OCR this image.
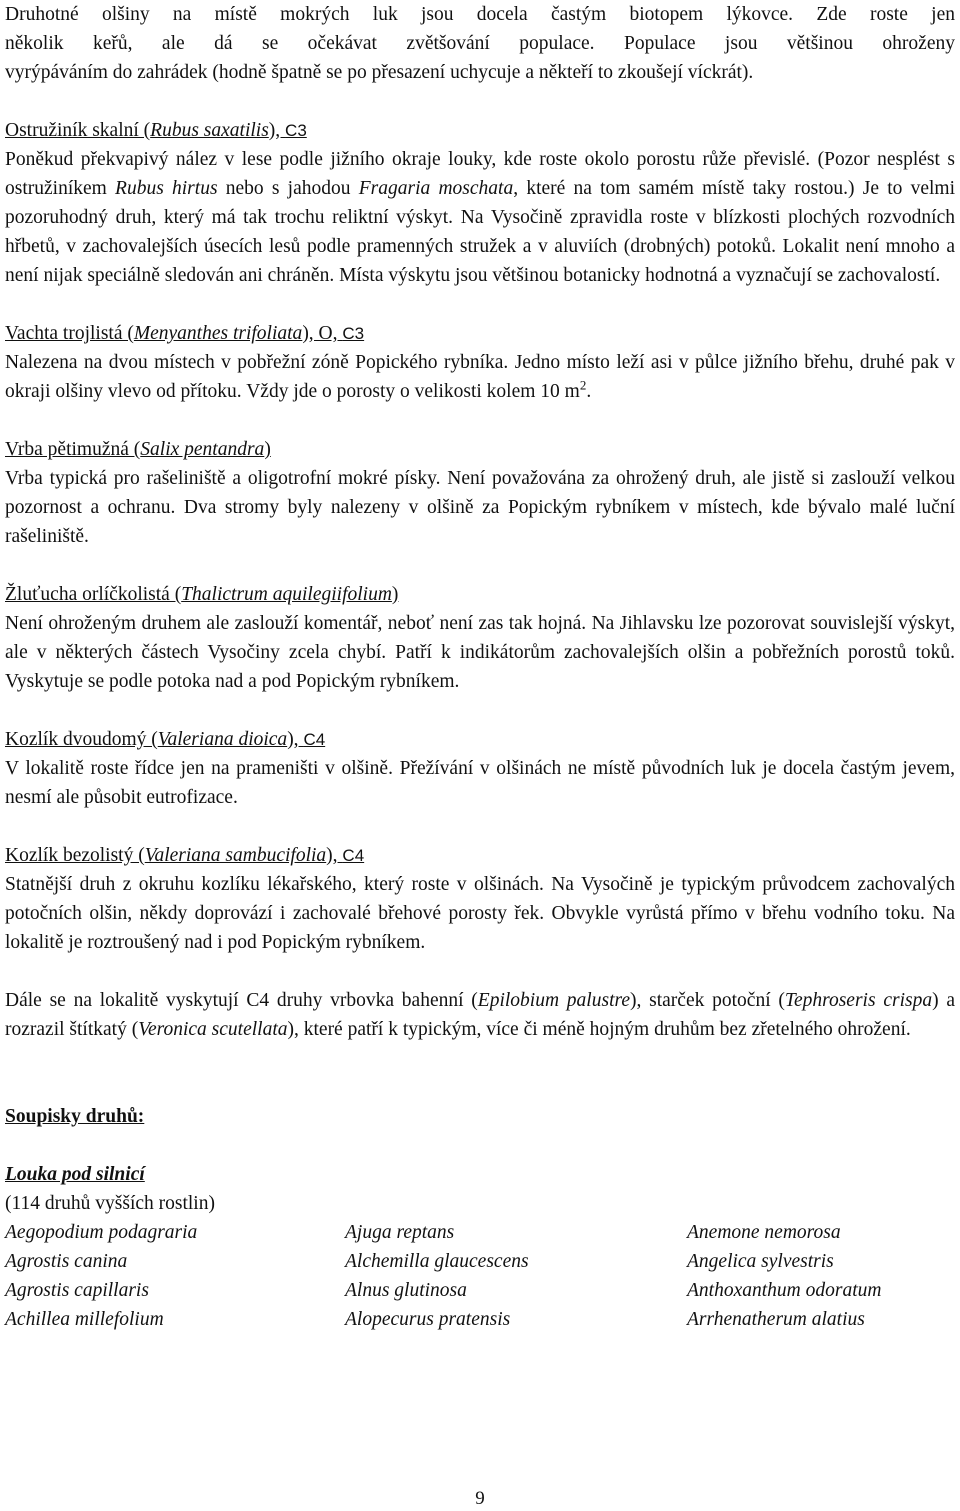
Druhotné olšiny na místě mokrých luk jsou docela častým biotopem lýkovce. Zde roste jen
několik keřů, ale dá se očekávat zvětšování populace. Populace jsou většinou ohroženy
vyrýpáváním do zahrádek (hodně špatně se po přesazení uchycuje a někteří to zkoušejí víckrát).

Ostružiník skalní (Rubus saxatilis), C3

Poněkud překvapivý nález v lese podle jižního okraje louky, kde roste okolo porostu růže převislé. (Pozor nesplést s ostružiníkem Rubus hirtus nebo s jahodou Fragaria moschata, které na tom samém místě taky rostou.) Je to velmi pozoruhodný druh, který má tak trochu reliktní výskyt. Na Vysočině zpravidla roste v blízkosti plochých rozvodních hřbetů, v zachovalejších úsecích lesů podle pramenných stružek a v aluviích (drobných) potoků. Lokalit není mnoho a není nijak speciálně sledován ani chráněn. Místa výskytu jsou většinou botanicky hodnotná a vyznačují se zachovalostí.

Vachta trojlistá (Menyanthes trifoliata), O, C3

Nalezena na dvou místech v pobřežní zóně Popického rybníka. Jedno místo leží asi v půlce jižního břehu, druhé pak v okraji olšiny vlevo od přítoku. Vždy jde o porosty o velikosti kolem 10 $m^2$.

Vrba pětimužná (Salix pentandra)

Vrba typická pro rašeliniště a oligotrofní mokré písky. Není považována za ohrožený druh, ale jistě si zaslouží velkou pozornost a ochranu. Dva stromy byly nalezeny v olšině za Popickým rybníkem v místech, kde bývalo malé luční rašeliniště.

Žluťucha orlíčkolistá (Thalictrum aquilegiifolium)

Není ohroženým druhem ale zaslouží komentář, neboť není zas tak hojná. Na Jihlavsku lze pozorovat souvislejší výskyt, ale v některých částech Vysočiny zcela chybí. Patří k indikátorům zachovalejších olšin a pobřežních porostů toků. Vyskytuje se podle potoka nad a pod Popickým rybníkem.

Kozlík dvoudomý (Valeriana dioica), C4

V lokalitě roste řídce jen na prameništi v olšině. Přežívání v olšinách ne místě původních luk je docela častým jevem, nesmí ale působit eutrofizace.

Kozlík bezolistý (Valeriana sambucifolia), C4

Statnější druh z okruhu kozlíku lékařského, který roste v olšinách. Na Vysočině je typickým průvodcem zachovalých potočních olšin, někdy doprovází i zachovalé břehové porosty řek. Obvykle vyrůstá přímo v břehu vodního toku. Na lokalitě je roztroušený nad i pod Popickým rybníkem.

Dále se na lokalitě vyskytují C4 druhy vrbovka bahenní (Epilobium palustre), starček potoční (Tephroseris crispa) a rozrazil štítkatý (Veronica scutellata), které patří k typickým, více či méně hojným druhům bez zřetelného ohrožení.

Soupisky druhů:

Louka pod silnicí

(114 druhů vyšších rostlin)

Aegopodium podagraria	Ajuga reptans	Anemone nemorosa
Agrostis canina	Alchemilla glaucescens	Angelica sylvestris
Agrostis capillaris	Alnus glutinosa	Anthoxanthum odoratum
Achillea millefolium	Alopecurus pratensis	Arrhenatherum alatius
9
